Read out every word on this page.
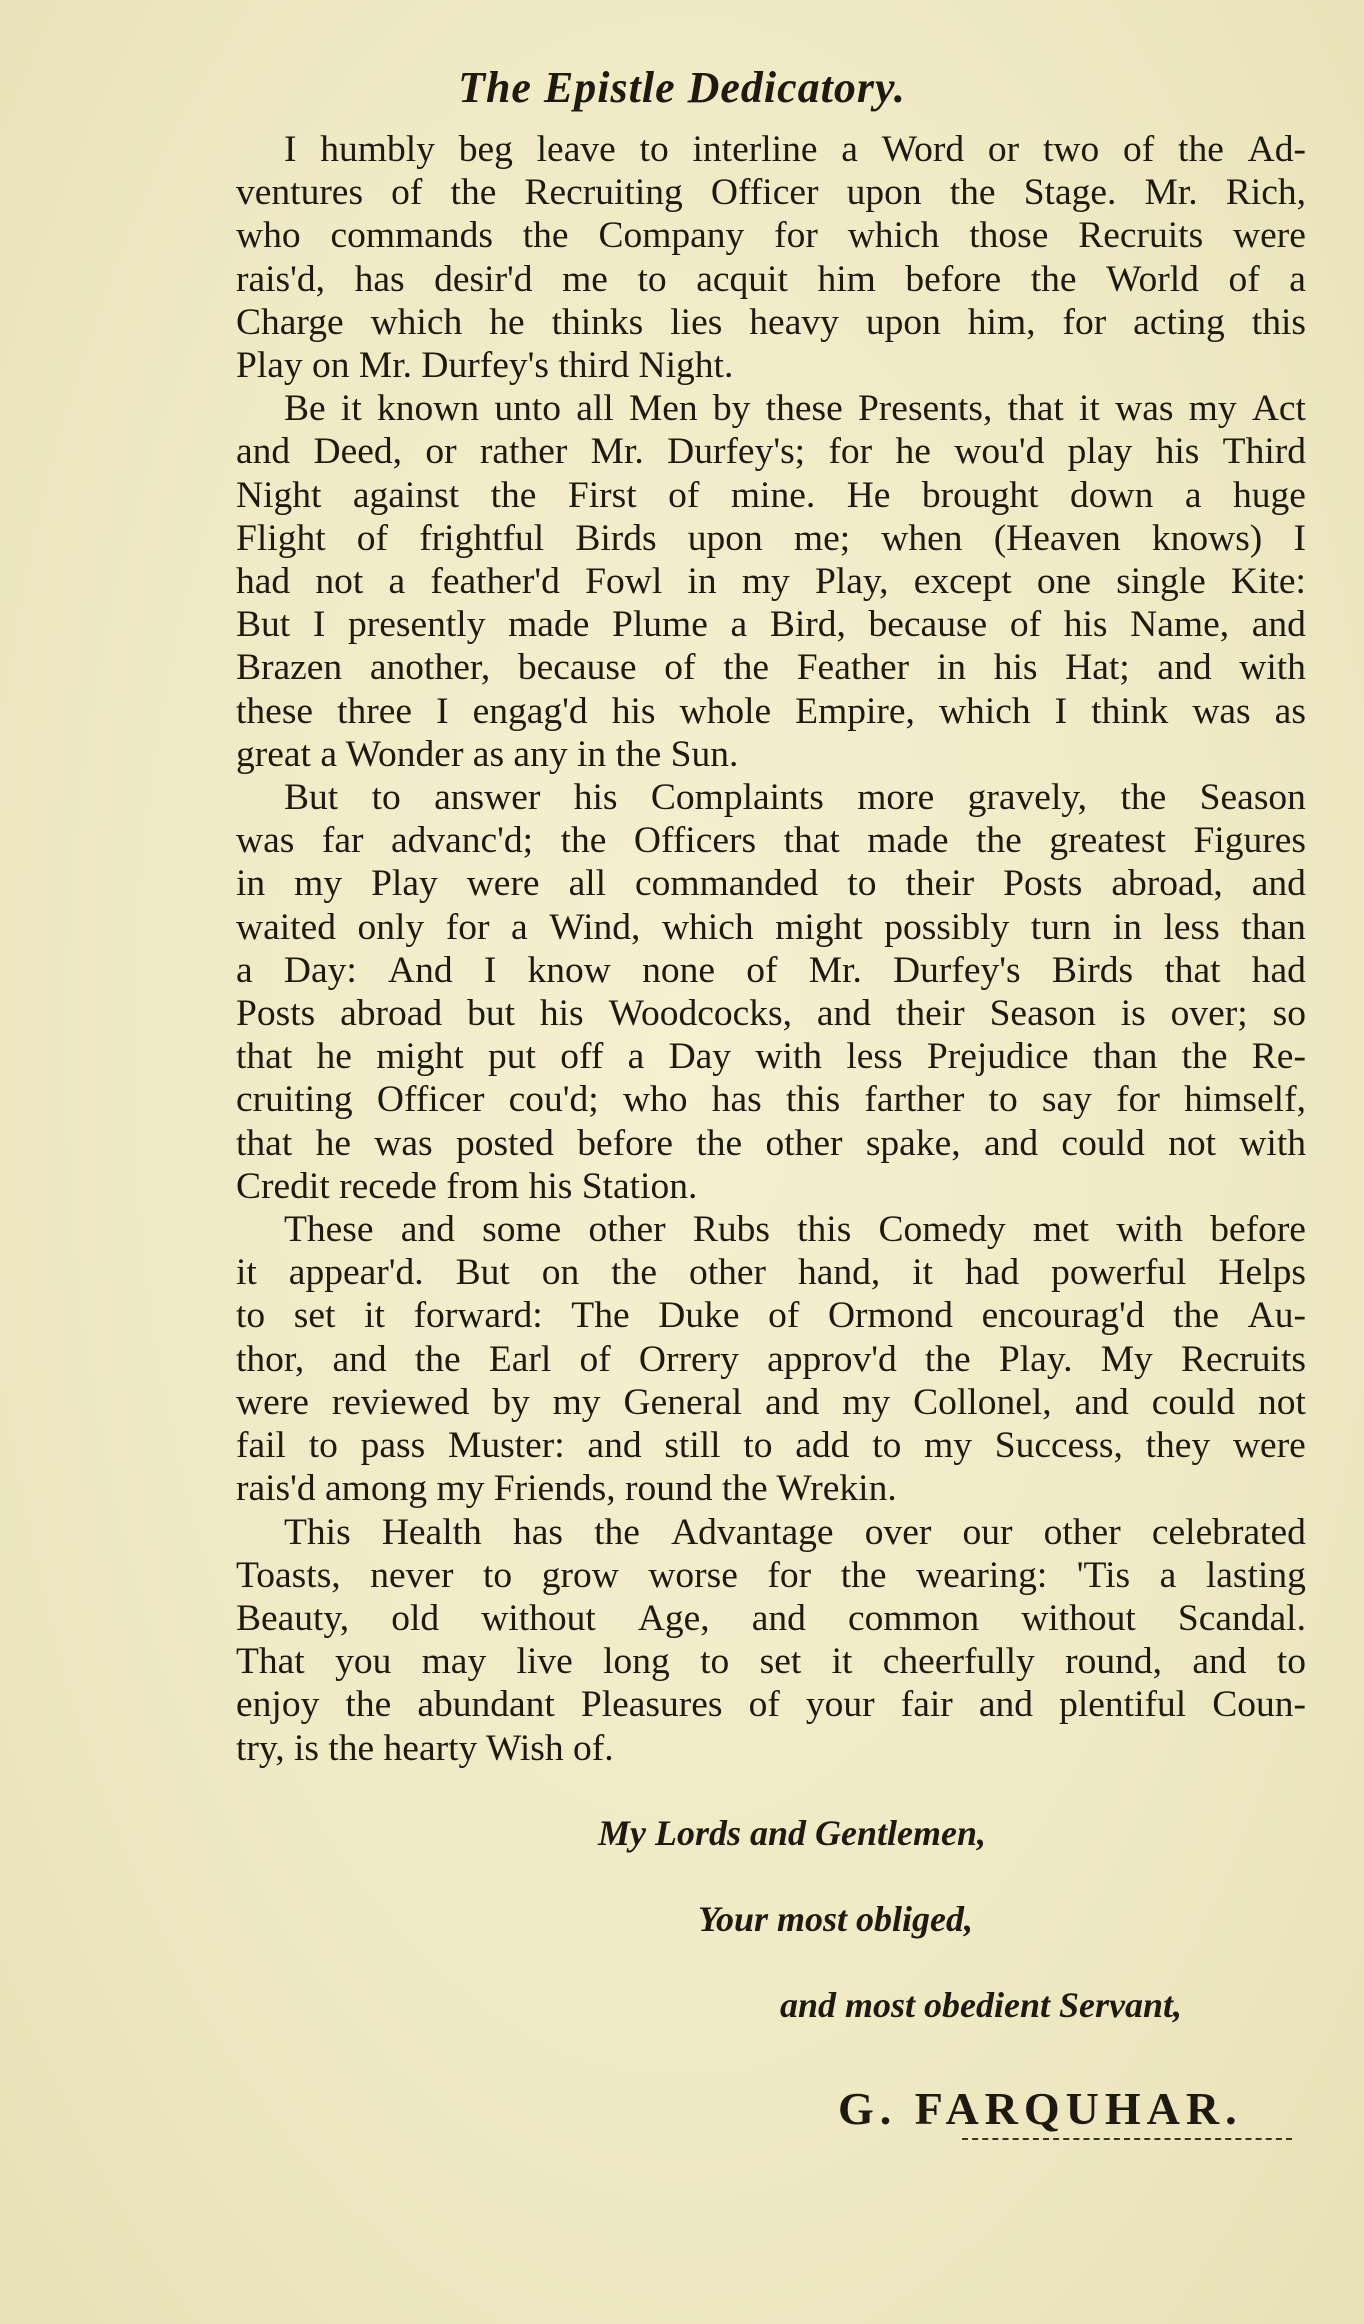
The Epistle Dedicatory.
I humbly beg leave to interline a Word or two of the Ad-
ventures of the Recruiting Officer upon the Stage. Mr. Rich,
who commands the Company for which those Recruits were
rais'd, has desir'd me to acquit him before the World of a
Charge which he thinks lies heavy upon him, for acting this
Play on Mr. Durfey's third Night.
Be it known unto all Men by these Presents, that it was my Act
and Deed, or rather Mr. Durfey's; for he wou'd play his Third
Night against the First of mine. He brought down a huge
Flight of frightful Birds upon me; when (Heaven knows) I
had not a feather'd Fowl in my Play, except one single Kite:
But I presently made Plume a Bird, because of his Name, and
Brazen another, because of the Feather in his Hat; and with
these three I engag'd his whole Empire, which I think was as
great a Wonder as any in the Sun.
But to answer his Complaints more gravely, the Season
was far advanc'd; the Officers that made the greatest Figures
in my Play were all commanded to their Posts abroad, and
waited only for a Wind, which might possibly turn in less than
a Day: And I know none of Mr. Durfey's Birds that had
Posts abroad but his Woodcocks, and their Season is over; so
that he might put off a Day with less Prejudice than the Re-
cruiting Officer cou'd; who has this farther to say for himself,
that he was posted before the other spake, and could not with
Credit recede from his Station.
These and some other Rubs this Comedy met with before
it appear'd. But on the other hand, it had powerful Helps
to set it forward: The Duke of Ormond encourag'd the Au-
thor, and the Earl of Orrery approv'd the Play. My Recruits
were reviewed by my General and my Collonel, and could not
fail to pass Muster: and still to add to my Success, they were
rais'd among my Friends, round the Wrekin.
This Health has the Advantage over our other celebrated
Toasts, never to grow worse for the wearing: 'Tis a lasting
Beauty, old without Age, and common without Scandal.
That you may live long to set it cheerfully round, and to
enjoy the abundant Pleasures of your fair and plentiful Coun-
try, is the hearty Wish of.
My Lords and Gentlemen,
Your most obliged,
and most obedient Servant,
G. FARQUHAR.
